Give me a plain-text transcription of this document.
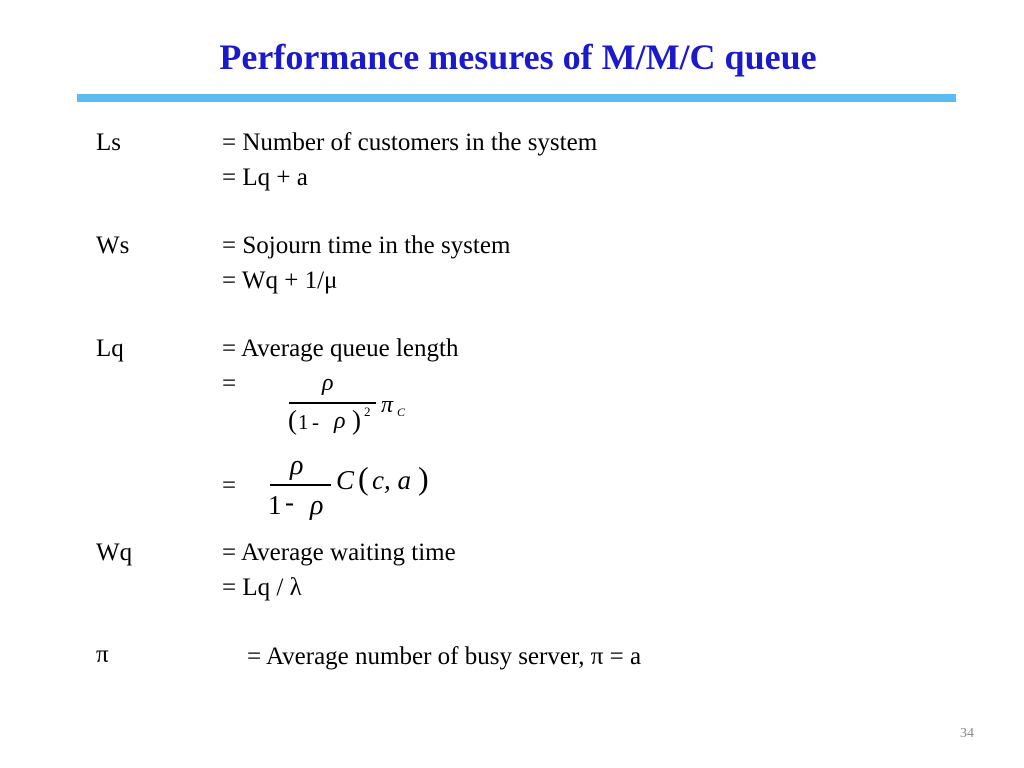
Performance mesures of M/M/C queue
Ls	= Number of customers in the system
= Lq + a
Ws	= Sojourn time in the system
= Wq + 1/μ
Lq	= Average queue length
=	ρ
( 1 - ρ ) 2 π C
=
ρ
1 - ρ
C ( c, a )
Wq	= Average waiting time
= Lq / λ
π	= Average number of busy server, π = a
34
